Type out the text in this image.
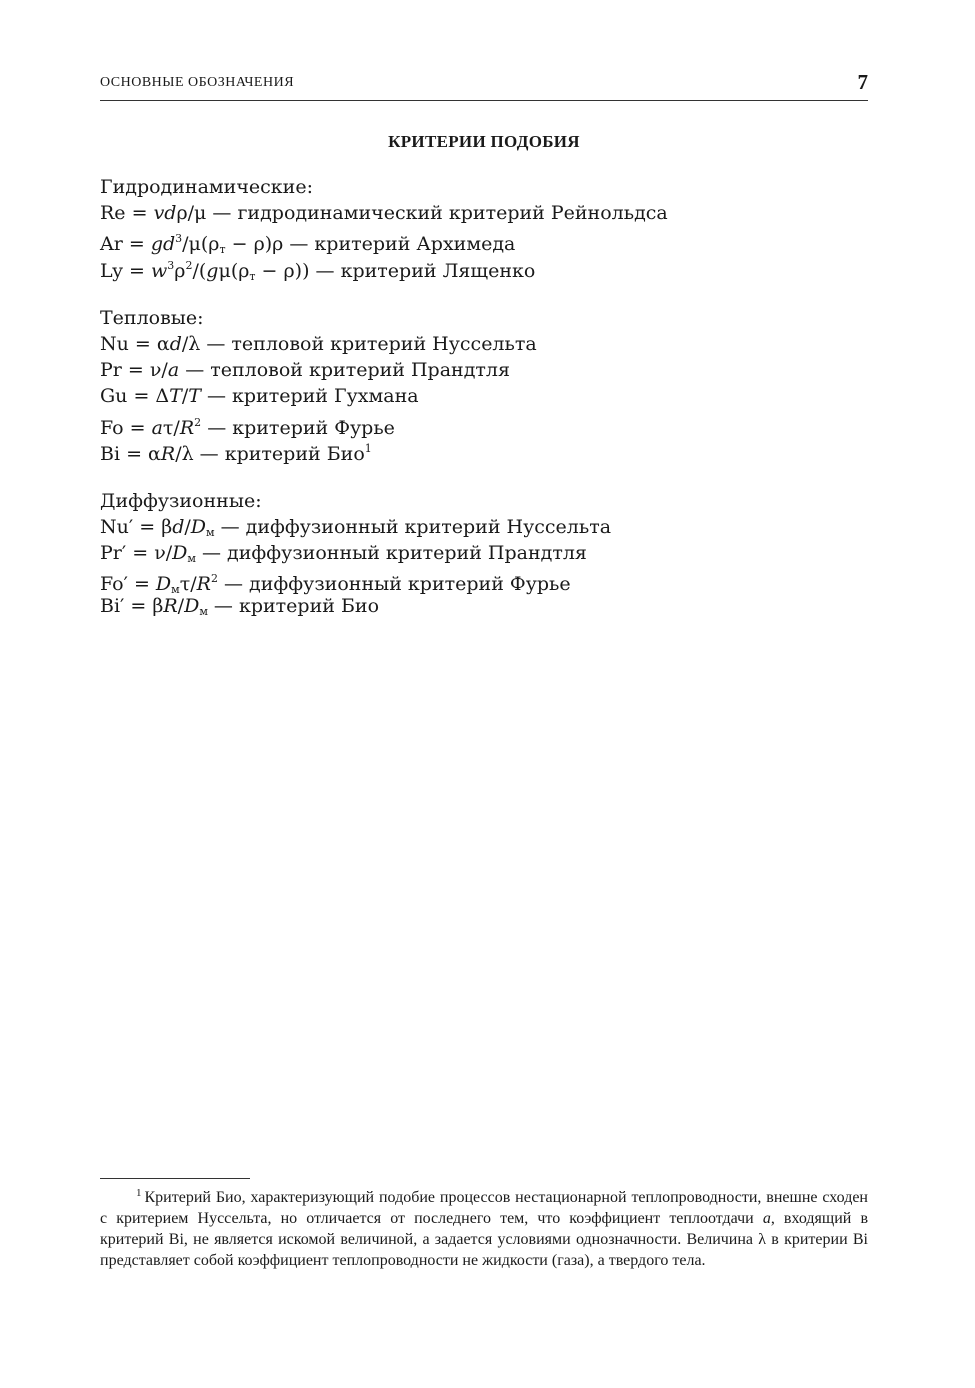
ОСНОВНЫЕ ОБОЗНАЧЕНИЯ	7
КРИТЕРИИ ПОДОБИЯ
Гидродинамические:
Re = vdρ/μ — гидродинамический критерий Рейнольдса
$Ar = gd^3/\mu(\rho_т - \rho)\rho$ — критерий Архимеда
$Ly = w^3\rho^2/(g\mu(\rho_т - \rho))$ — критерий Лященко
Тепловые:
Nu = αd/λ — тепловой критерий Нуссельта
Pr = ν/a — тепловой критерий Прандтля
Gu = ΔT/T — критерий Гухмана
$Fo = a\tau/R^2$ — критерий Фурье
Bi = αR/λ — критерий Био$^1$
Диффузионные:
$Nu' = \beta d/D_м$ — диффузионный критерий Нуссельта
$Pr' = \nu/D_м$ — диффузионный критерий Прандтля
$Fo' = D_м\tau/R^2$ — диффузионный критерий Фурье
$Bi' = \beta R/D_м$ — критерий Био
$^1$ Критерий Био, характеризующий подобие процессов нестационарной теплопроводности, внешне сходен с критерием Нуссельта, но отличается от последнего тем, что коэффициент теплоотдачи a, входящий в критерий Bi, не является искомой величиной, а задается условиями однозначности. Величина λ в критерии Bi представляет собой коэффициент теплопроводности не жидкости (газа), а твердого тела.
